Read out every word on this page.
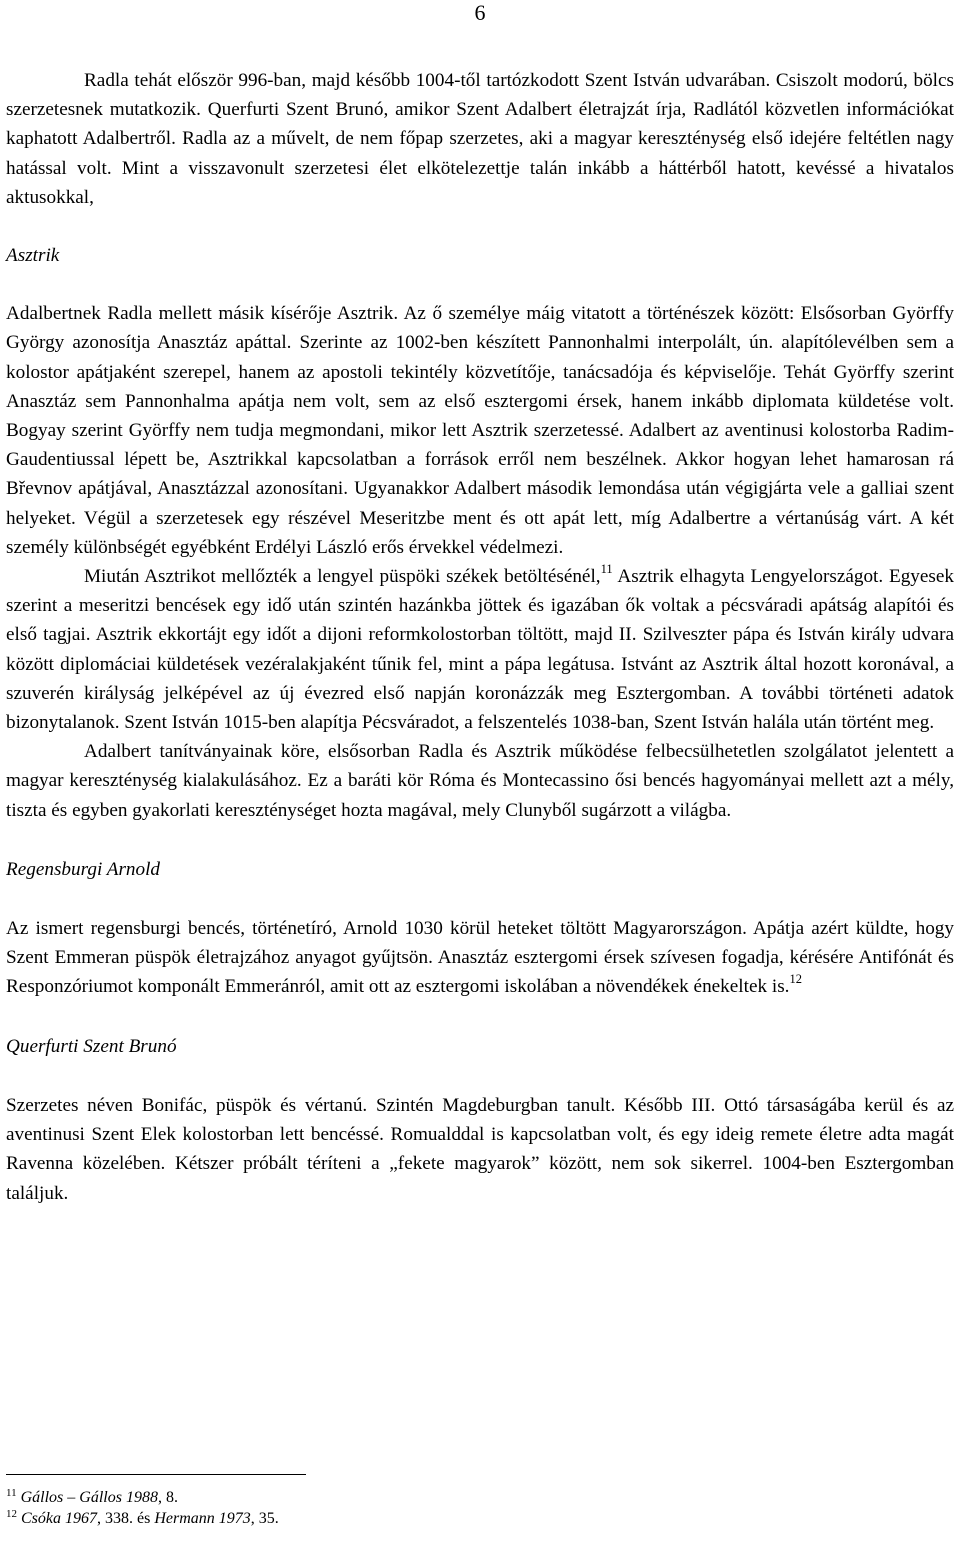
6

Radla tehát először 996-ban, majd később 1004-től tartózkodott Szent István udvarában. Csiszolt modorú, bölcs szerzetesnek mutatkozik. Querfurti Szent Brunó, amikor Szent Adalbert életrajzát írja, Radlától közvetlen információkat kaphatott Adalbertről. Radla az a művelt, de nem főpap szerzetes, aki a magyar kereszténység első idejére feltétlen nagy hatással volt. Mint a visszavonult szerzetesi élet elkötelezettje talán inkább a háttérből hatott, kevéssé a hivatalos aktusokkal,

Asztrik

Adalbertnek Radla mellett másik kísérője Asztrik. Az ő személye máig vitatott a történészek között: Elsősorban Györffy György azonosítja Anasztáz apáttal. Szerinte az 1002-ben készített Pannonhalmi interpolált, ún. alapítólevélben sem a kolostor apátjaként szerepel, hanem az apostoli tekintély közvetítője, tanácsadója és képviselője. Tehát Györffy szerint Anasztáz sem Pannonhalma apátja nem volt, sem az első esztergomi érsek, hanem inkább diplomata küldetése volt. Bogyay szerint Györffy nem tudja megmondani, mikor lett Asztrik szerzetessé. Adalbert az aventinusi kolostorba Radim-Gaudentiussal lépett be, Asztrikkal kapcsolatban a források erről nem beszélnek. Akkor hogyan lehet hamarosan rá Břevnov apátjával, Anasztázzal azonosítani. Ugyanakkor Adalbert második lemondása után végigjárta vele a galliai szent helyeket. Végül a szerzetesek egy részével Meseritzbe ment és ott apát lett, míg Adalbertre a vértanúság várt. A két személy különbségét egyébként Erdélyi László erős érvekkel védelmezi.

Miután Asztrikot mellőzték a lengyel püspöki székek betöltésénél,$^{11}$ Asztrik elhagyta Lengyelországot. Egyesek szerint a meseritzi bencések egy idő után szintén hazánkba jöttek és igazában ők voltak a pécsváradi apátság alapítói és első tagjai. Asztrik ekkortájt egy időt a dijoni reformkolostorban töltött, majd II. Szilveszter pápa és István király udvara között diplomáciai küldetések vezéralakjaként tűnik fel, mint a pápa legátusa. Istvánt az Asztrik által hozott koronával, a szuverén királyság jelképével az új évezred első napján koronázzák meg Esztergomban. A további történeti adatok bizonytalanok. Szent István 1015-ben alapítja Pécsváradot, a felszentelés 1038-ban, Szent István halála után történt meg.

Adalbert tanítványainak köre, elsősorban Radla és Asztrik működése felbecsülhetetlen szolgálatot jelentett a magyar kereszténység kialakulásához. Ez a baráti kör Róma és Montecassino ősi bencés hagyományai mellett azt a mély, tiszta és egyben gyakorlati kereszténységet hozta magával, mely Clunyből sugárzott a világba.

Regensburgi Arnold

Az ismert regensburgi bencés, történetíró, Arnold 1030 körül heteket töltött Magyarországon. Apátja azért küldte, hogy Szent Emmeran püspök életrajzához anyagot gyűjtsön. Anasztáz esztergomi érsek szívesen fogadja, kérésére Antifónát és Responzóriumot komponált Emmeránról, amit ott az esztergomi iskolában a növendékek énekeltek is.$^{12}$

Querfurti Szent Brunó

Szerzetes néven Bonifác, püspök és vértanú. Szintén Magdeburgban tanult. Később III. Ottó társaságába kerül és az aventinusi Szent Elek kolostorban lett bencéssé. Romualddal is kapcsolatban volt, és egy ideig remete életre adta magát Ravenna közelében. Kétszer próbált téríteni a „fekete magyarok” között, nem sok sikerrel. 1004-ben Esztergomban találjuk.

$^{11}$ Gállos – Gállos 1988, 8.
$^{12}$ Csóka 1967, 338. és Hermann 1973, 35.
